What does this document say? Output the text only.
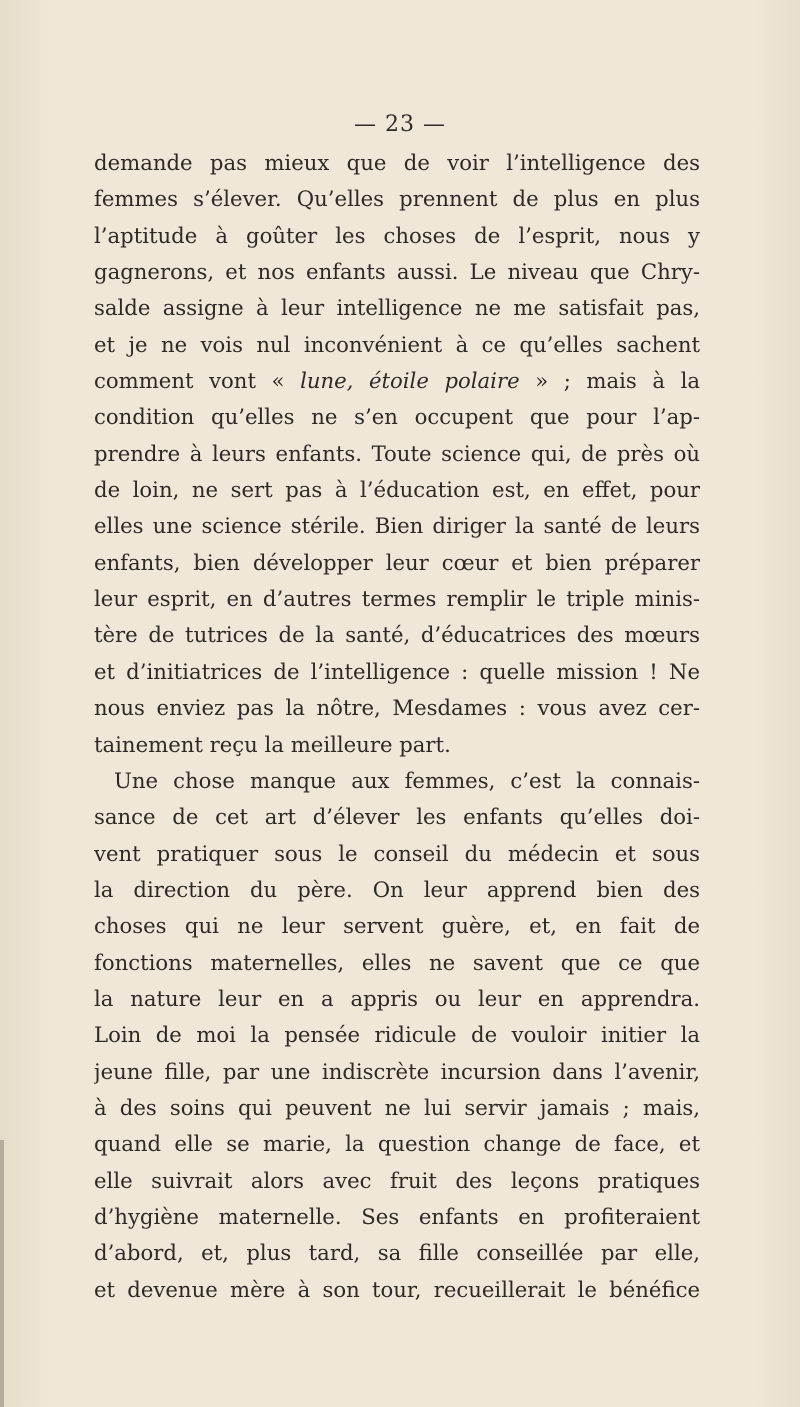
— 23 —

demande pas mieux que de voir l’intelligence des

femmes s’élever. Qu’elles prennent de plus en plus

l’aptitude à goûter les choses de l’esprit, nous y

gagnerons, et nos enfants aussi. Le niveau que Chry-

salde assigne à leur intelligence ne me satisfait pas,

et je ne vois nul inconvénient à ce qu’elles sachent

comment vont « lune, étoile polaire » ; mais à la

condition qu’elles ne s’en occupent que pour l’ap-

prendre à leurs enfants. Toute science qui, de près où

de loin, ne sert pas à l’éducation est, en effet, pour

elles une science stérile. Bien diriger la santé de leurs

enfants, bien développer leur cœur et bien préparer

leur esprit, en d’autres termes remplir le triple minis-

tère de tutrices de la santé, d’éducatrices des mœurs

et d’initiatrices de l’intelligence : quelle mission ! Ne

nous enviez pas la nôtre, Mesdames : vous avez cer-

tainement reçu la meilleure part.

Une chose manque aux femmes, c’est la connais-

sance de cet art d’élever les enfants qu’elles doi-

vent pratiquer sous le conseil du médecin et sous

la direction du père. On leur apprend bien des

choses qui ne leur servent guère, et, en fait de

fonctions maternelles, elles ne savent que ce que

la nature leur en a appris ou leur en apprendra.

Loin de moi la pensée ridicule de vouloir initier la

jeune fille, par une indiscrète incursion dans l’avenir,

à des soins qui peuvent ne lui servir jamais ; mais,

quand elle se marie, la question change de face, et

elle suivrait alors avec fruit des leçons pratiques

d’hygiène maternelle. Ses enfants en profiteraient

d’abord, et, plus tard, sa fille conseillée par elle,

et devenue mère à son tour, recueillerait le bénéfice
